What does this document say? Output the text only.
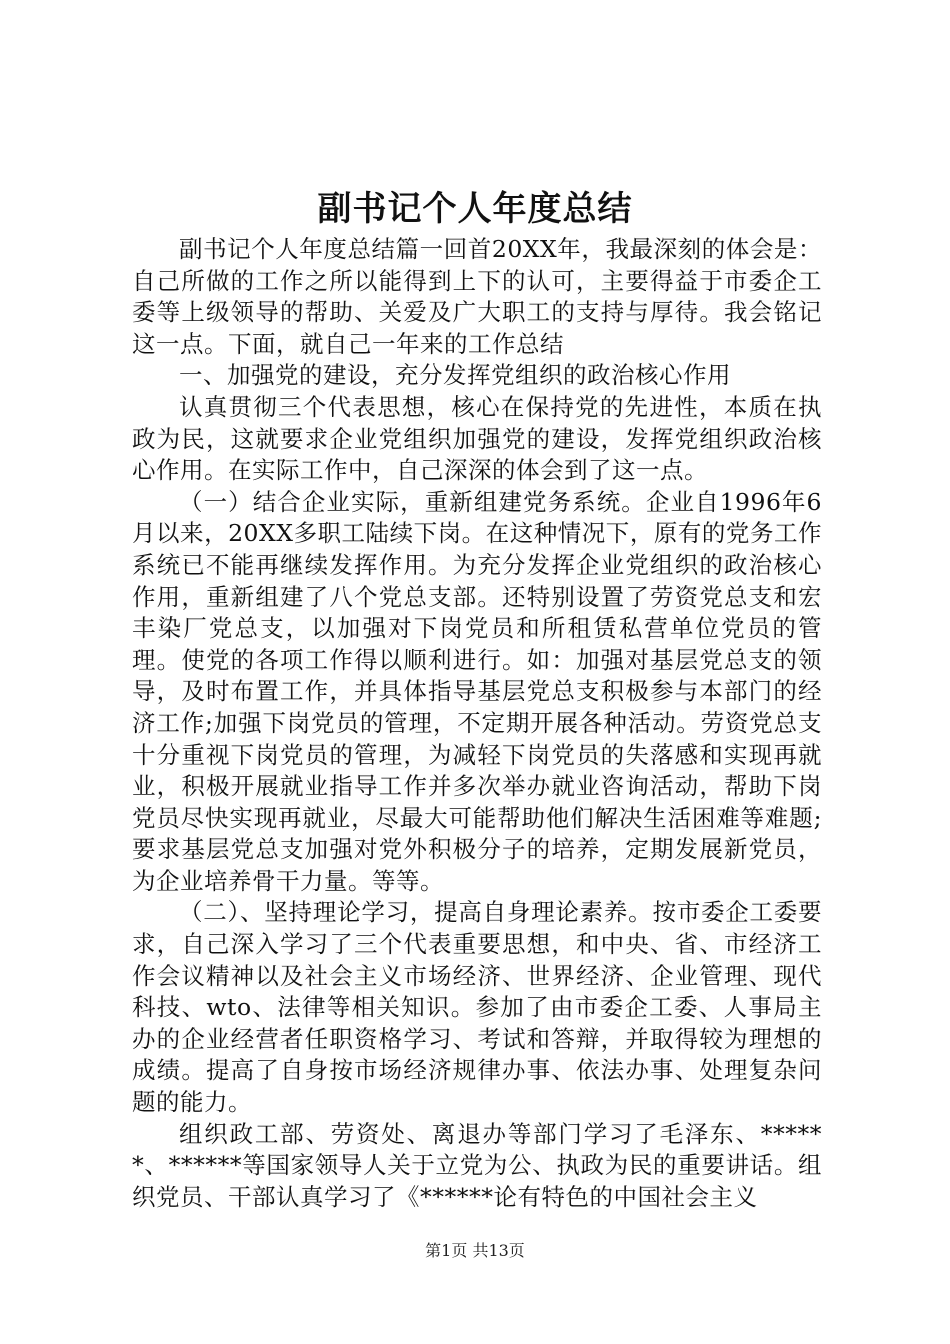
副书记个人年度总结

副书记个人年度总结篇一回首20XX年，我最深刻的体会是：自己所做的工作之所以能得到上下的认可，主要得益于市委企工委等上级领导的帮助、关爱及广大职工的支持与厚待。我会铭记这一点。下面，就自己一年来的工作总结

一、加强党的建设，充分发挥党组织的政治核心作用

认真贯彻三个代表思想，核心在保持党的先进性，本质在执政为民，这就要求企业党组织加强党的建设，发挥党组织政治核心作用。在实际工作中，自己深深的体会到了这一点。

（一）结合企业实际，重新组建党务系统。企业自1996年6月以来，20XX多职工陆续下岗。在这种情况下，原有的党务工作系统已不能再继续发挥作用。为充分发挥企业党组织的政治核心作用，重新组建了八个党总支部。还特别设置了劳资党总支和宏丰染厂党总支，以加强对下岗党员和所租赁私营单位党员的管理。使党的各项工作得以顺利进行。如：加强对基层党总支的领导，及时布置工作，并具体指导基层党总支积极参与本部门的经济工作;加强下岗党员的管理，不定期开展各种活动。劳资党总支十分重视下岗党员的管理，为减轻下岗党员的失落感和实现再就业，积极开展就业指导工作并多次举办就业咨询活动，帮助下岗党员尽快实现再就业，尽最大可能帮助他们解决生活困难等难题;要求基层党总支加强对党外积极分子的培养，定期发展新党员，为企业培养骨干力量。等等。

（二）、坚持理论学习，提高自身理论素养。按市委企工委要求，自己深入学习了三个代表重要思想，和中央、省、市经济工作会议精神以及社会主义市场经济、世界经济、企业管理、现代科技、wto、法律等相关知识。参加了由市委企工委、人事局主办的企业经营者任职资格学习、考试和答辩，并取得较为理想的成绩。提高了自身按市场经济规律办事、依法办事、处理复杂问题的能力。

组织政工部、劳资处、离退办等部门学习了毛泽东、******、******等国家领导人关于立党为公、执政为民的重要讲话。组织党员、干部认真学习了《******论有特色的中国社会主义

第1页 共13页
